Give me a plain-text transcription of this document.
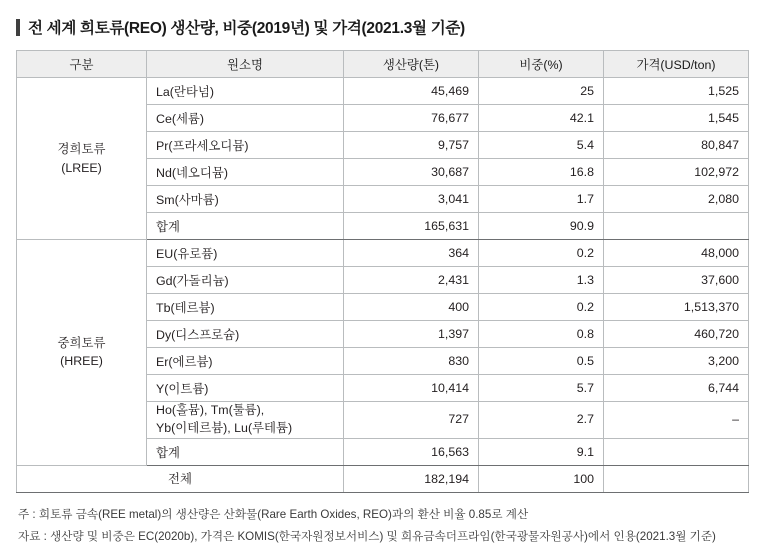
전 세계 희토류(REO) 생산량, 비중(2019년) 및 가격(2021.3월 기준)
구분	원소명	생산량(톤)	비중(%)	가격(USD/ton)

경희토류
(LREE)	La(란타넘)	45,469	25	1,525
	Ce(세륨)	76,677	42.1	1,545
	Pr(프라세오디뮴)	9,757	5.4	80,847
	Nd(네오디뮴)	30,687	16.8	102,972
	Sm(사마륨)	3,041	1.7	2,080
	합계	165,631	90.9	

중희토류
(HREE)	EU(유로퓸)	364	0.2	48,000
	Gd(가돌리늄)	2,431	1.3	37,600
	Tb(테르븀)	400	0.2	1,513,370
	Dy(디스프로슘)	1,397	0.8	460,720
	Er(에르븀)	830	0.5	3,200
	Y(이트륨)	10,414	5.7	6,744

	Ho(홀뮴), Tm(툴륨),
Yb(이테르븀), Lu(루테튬)	727	2.7	–
	합계	16,563	9.1	
전체		182,194	100	
주 : 희토류 금속(REE metal)의 생산량은 산화물(Rare Earth Oxides, REO)과의 환산 비율 0.85로 계산
자료 : 생산량 및 비중은 EC(2020b), 가격은 KOMIS(한국자원정보서비스) 및 희유금속더프라임(한국광물자원공사)에서 인용(2021.3월 기준)
